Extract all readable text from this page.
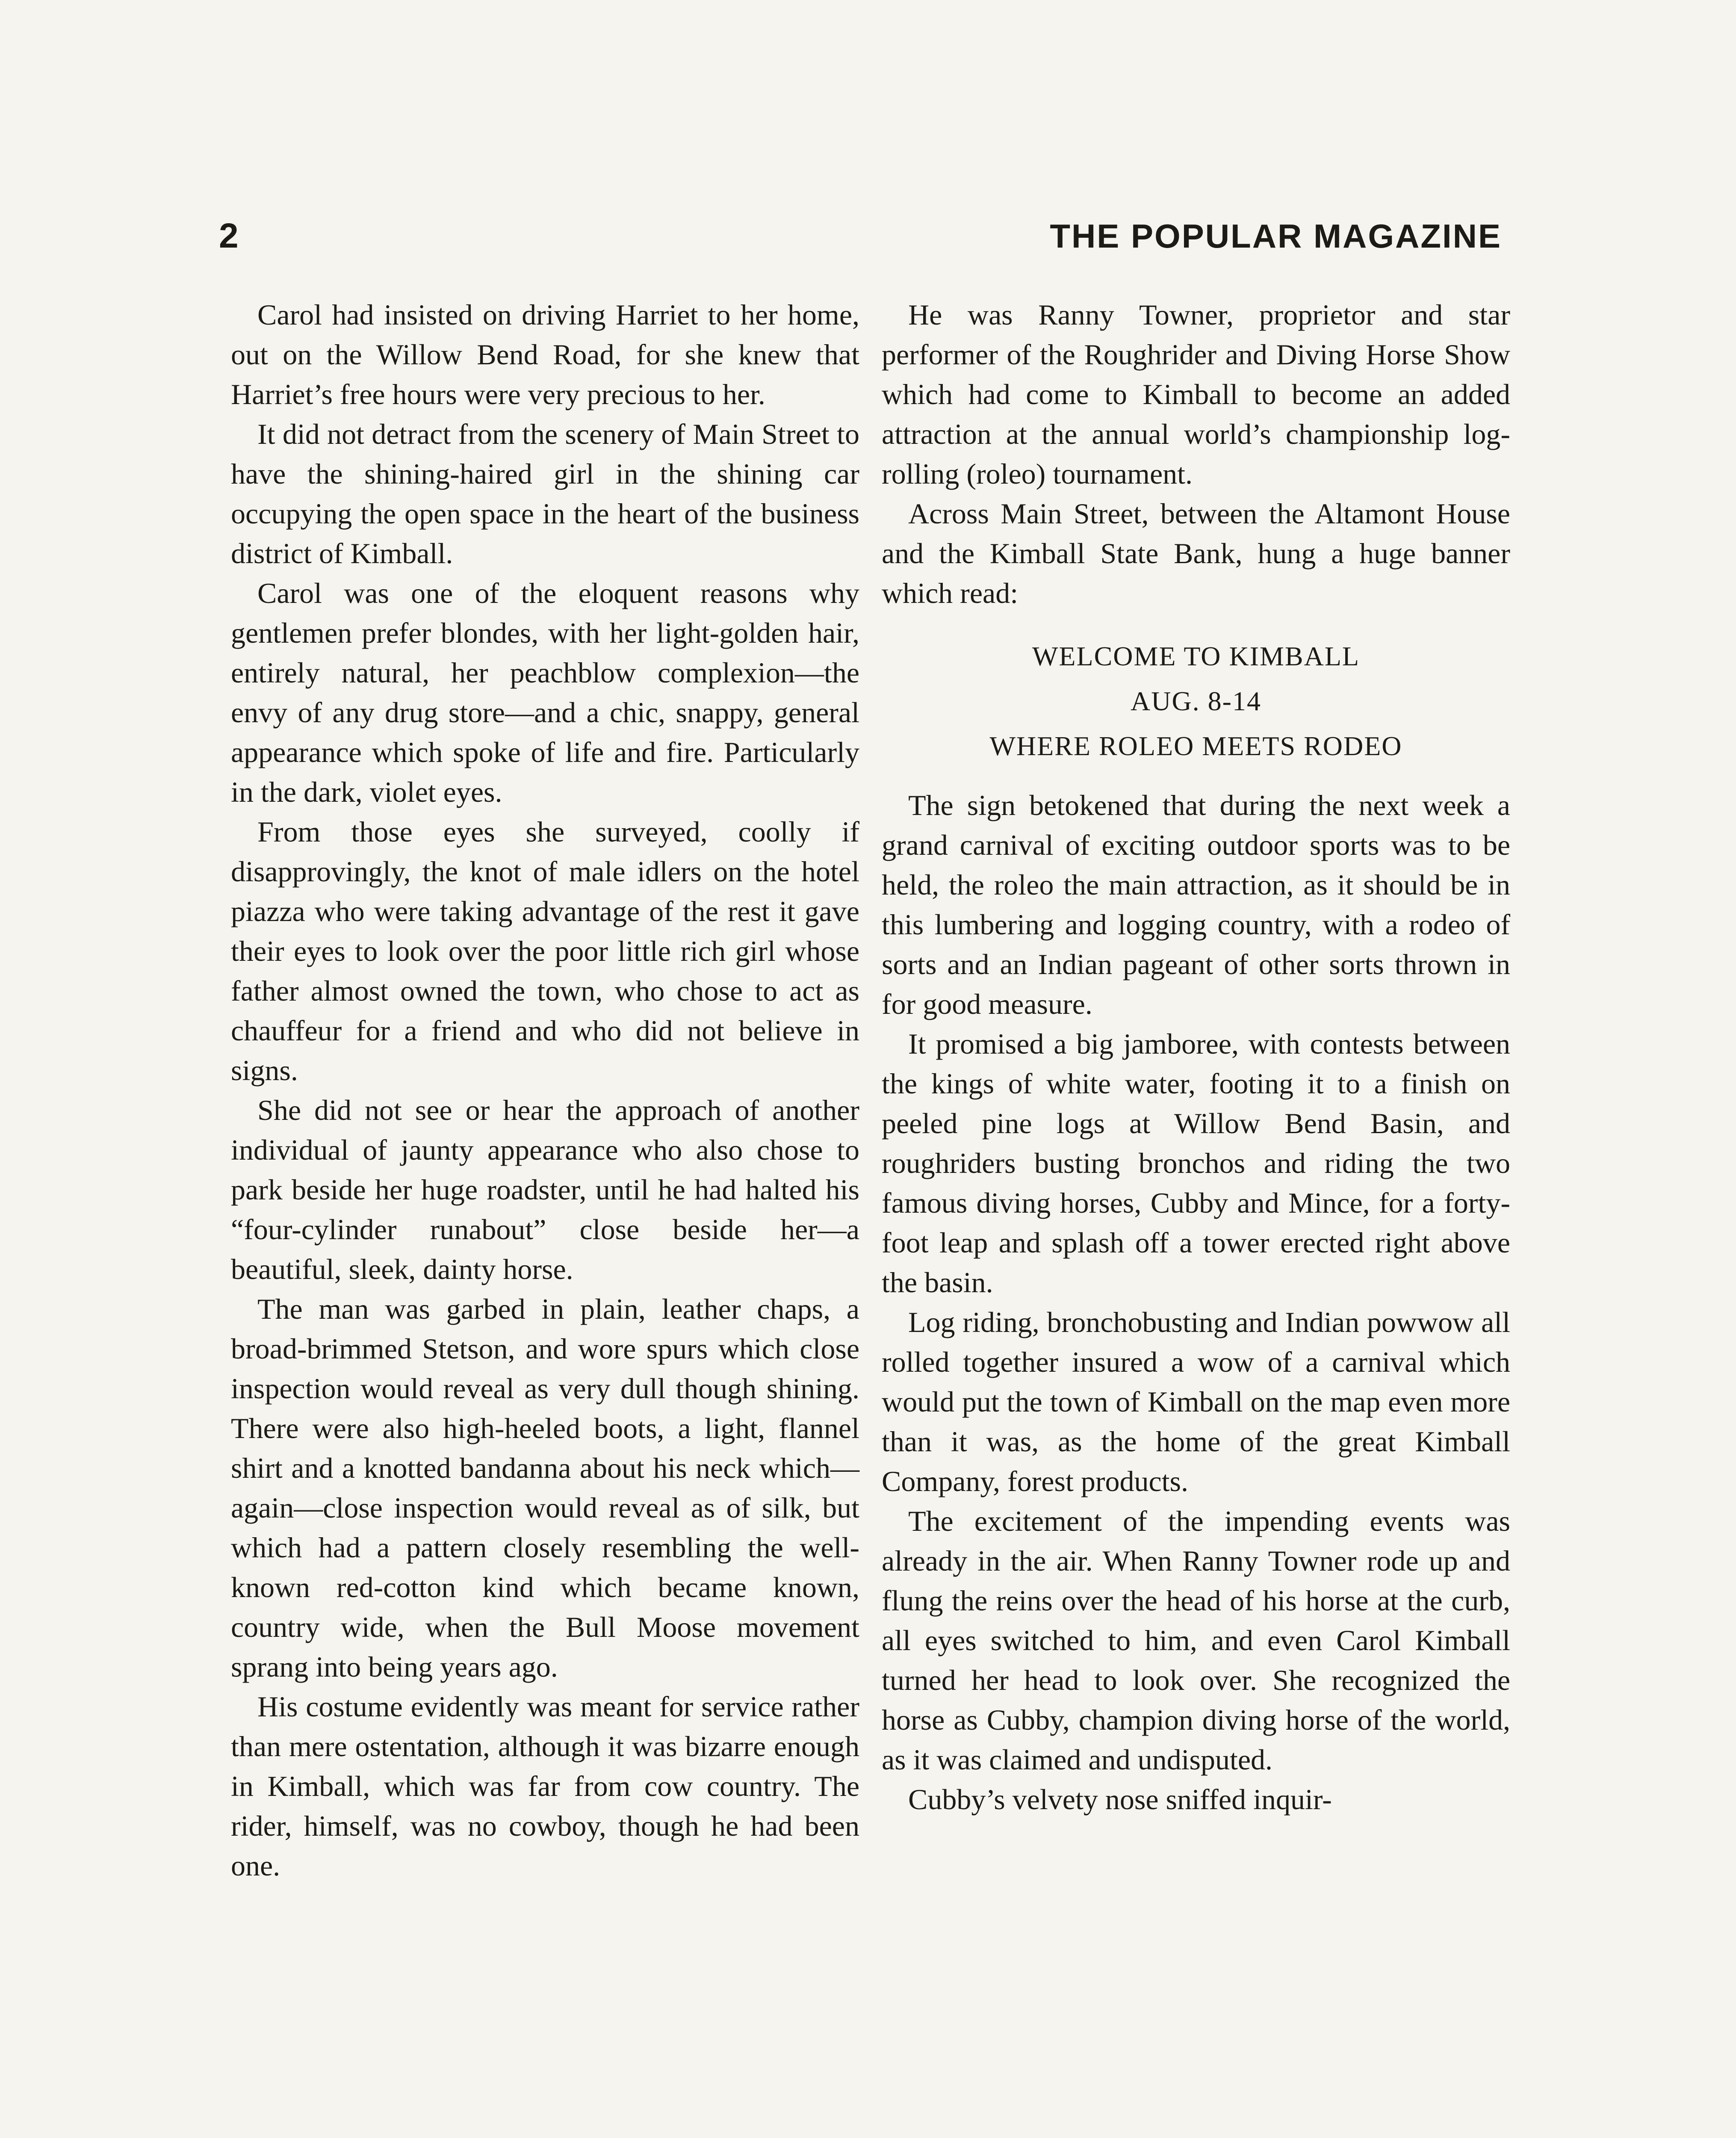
2	THE POPULAR MAGAZINE

Carol had insisted on driving Harriet to her home, out on the Willow Bend Road, for she knew that Harriet’s free hours were very precious to her.

It did not detract from the scenery of Main Street to have the shining-haired girl in the shining car occupying the open space in the heart of the business district of Kimball.

Carol was one of the eloquent reasons why gentlemen prefer blondes, with her light-golden hair, entirely natural, her peachblow complexion—the envy of any drug store—and a chic, snappy, general appearance which spoke of life and fire. Particularly in the dark, violet eyes.

From those eyes she surveyed, coolly if disapprovingly, the knot of male idlers on the hotel piazza who were taking advantage of the rest it gave their eyes to look over the poor little rich girl whose father almost owned the town, who chose to act as chauffeur for a friend and who did not believe in signs.

She did not see or hear the approach of another individual of jaunty appearance who also chose to park beside her huge roadster, until he had halted his “four-cylinder runabout” close beside her—a beautiful, sleek, dainty horse.

The man was garbed in plain, leather chaps, a broad-brimmed Stetson, and wore spurs which close inspection would reveal as very dull though shining. There were also high-heeled boots, a light, flannel shirt and a knotted bandanna about his neck which—again—close inspection would reveal as of silk, but which had a pattern closely resembling the well-known red-cotton kind which became known, country wide, when the Bull Moose movement sprang into being years ago.

His costume evidently was meant for service rather than mere ostentation, although it was bizarre enough in Kimball, which was far from cow country. The rider, himself, was no cowboy, though he had been one.

He was Ranny Towner, proprietor and star performer of the Roughrider and Diving Horse Show which had come to Kimball to become an added attraction at the annual world’s championship log-rolling (roleo) tournament.

Across Main Street, between the Altamont House and the Kimball State Bank, hung a huge banner which read:

WELCOME TO KIMBALL
AUG. 8-14
WHERE ROLEO MEETS RODEO

The sign betokened that during the next week a grand carnival of exciting outdoor sports was to be held, the roleo the main attraction, as it should be in this lumbering and logging country, with a rodeo of sorts and an Indian pageant of other sorts thrown in for good measure.

It promised a big jamboree, with contests between the kings of white water, footing it to a finish on peeled pine logs at Willow Bend Basin, and roughriders busting bronchos and riding the two famous diving horses, Cubby and Mince, for a forty-foot leap and splash off a tower erected right above the basin.

Log riding, bronchobusting and Indian powwow all rolled together insured a wow of a carnival which would put the town of Kimball on the map even more than it was, as the home of the great Kimball Company, forest products.

The excitement of the impending events was already in the air. When Ranny Towner rode up and flung the reins over the head of his horse at the curb, all eyes switched to him, and even Carol Kimball turned her head to look over. She recognized the horse as Cubby, champion diving horse of the world, as it was claimed and undisputed.

Cubby’s velvety nose sniffed inquir-
